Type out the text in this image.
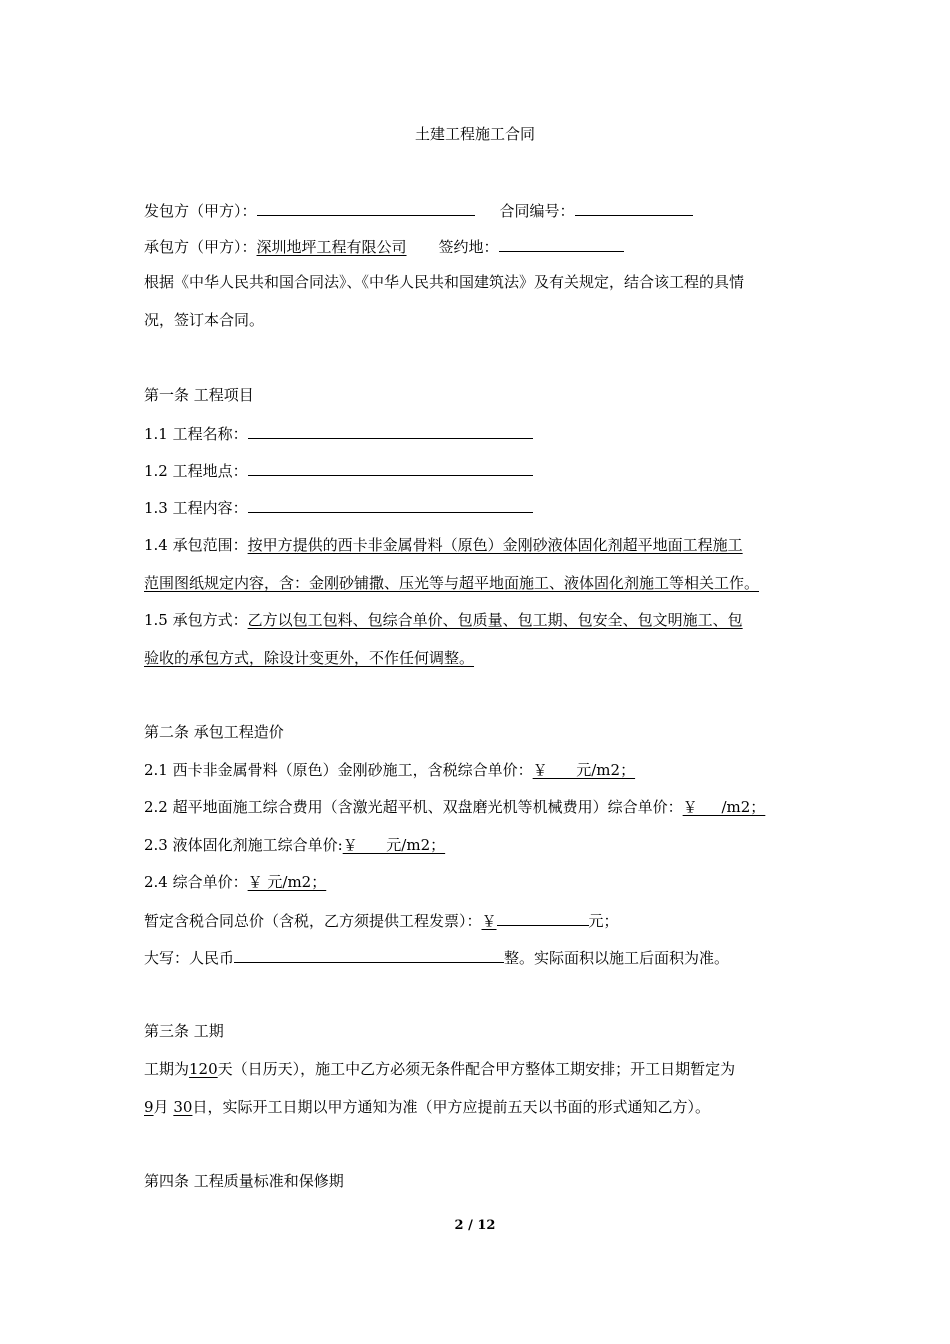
土建工程施工合同
发包方（甲方）：	合同编号：
承包方（甲方）：深圳地坪工程有限公司 签约地：
根据《中华人民共和国合同法》、《中华人民共和国建筑法》及有关规定，结合该工程的具情
况，签订本合同。
第一条 工程项目
1.1 工程名称：
1.2 工程地点：
1.3 工程内容：
1.4 承包范围：按甲方提供的西卡非金属骨料（原色）金刚砂液体固化剂超平地面工程施工
范围图纸规定内容，含：金刚砂铺撒、压光等与超平地面施工、液体固化剂施工等相关工作。
1.5 承包方式：乙方以包工包料、包综合单价、包质量、包工期、包安全、包文明施工、包
验收的承包方式，除设计变更外，不作任何调整。
第二条 承包工程造价
2.1 西卡非金属骨料（原色）金刚砂施工，含税综合单价：￥      元/m2；
2.2 超平地面施工综合费用（含激光超平机、双盘磨光机等机械费用）综合单价：￥     /m2；
2.3 液体固化剂施工综合单价:￥      元/m2；
2.4 综合单价：￥ 元/m2；
暂定含税合同总价（含税，乙方须提供工程发票）：￥	元；
大写：人民币	整。实际面积以施工后面积为准。
第三条 工期
工期为120天（日历天），施工中乙方必须无条件配合甲方整体工期安排；开工日期暂定为
9月 30日，实际开工日期以甲方通知为准（甲方应提前五天以书面的形式通知乙方）。
第四条 工程质量标准和保修期
2 / 12
